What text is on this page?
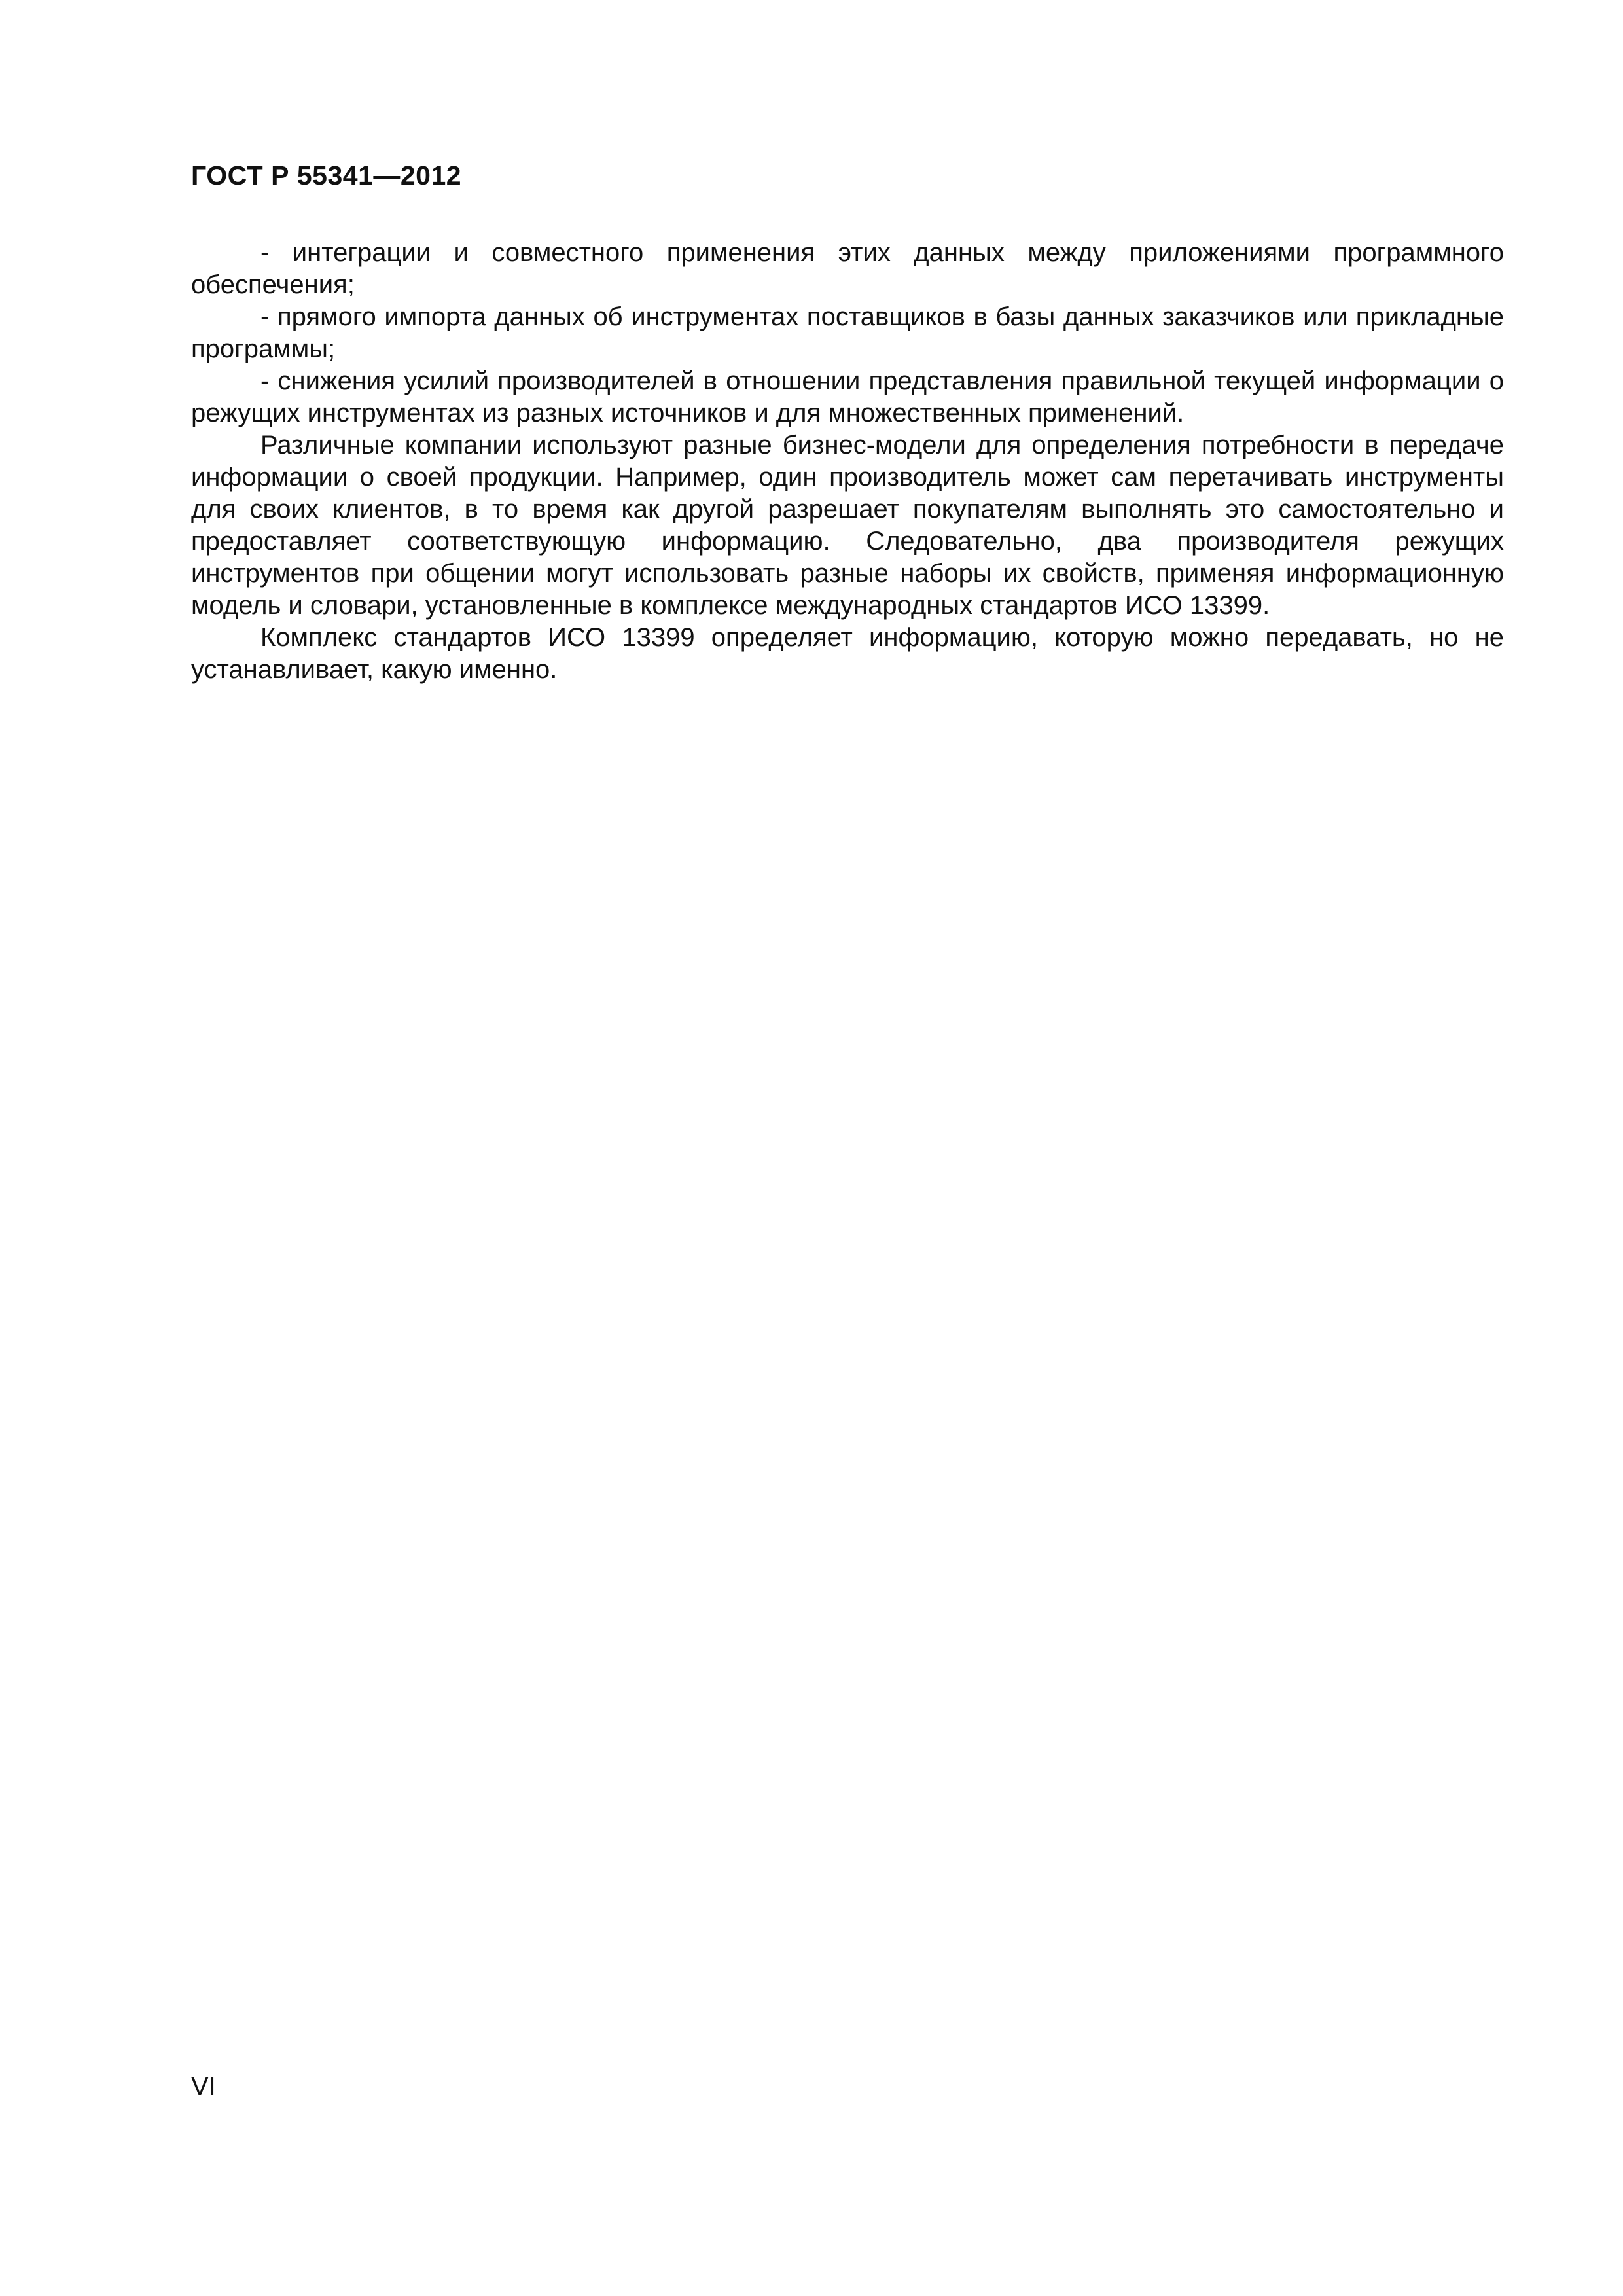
ГОСТ Р 55341—2012

- интеграции и совместного применения этих данных между приложениями программного обеспечения;

- прямого импорта данных об инструментах поставщиков в базы данных заказчиков или прикладные программы;

- снижения усилий производителей в отношении представления правильной текущей информации о режущих инструментах из разных источников и для множественных применений.

Различные компании используют разные бизнес-модели для определения потребности в передаче информации о своей продукции. Например, один производитель может сам перетачивать инструменты для своих клиентов, в то время как другой разрешает покупателям выполнять это самостоятельно и предоставляет соответствующую информацию. Следовательно, два производителя режущих инструментов при общении могут использовать разные наборы их свойств, применяя информационную модель и словари, установленные в комплексе международных стандартов ИСО 13399.

Комплекс стандартов ИСО 13399 определяет информацию, которую можно передавать, но не устанавливает, какую именно.

VI
